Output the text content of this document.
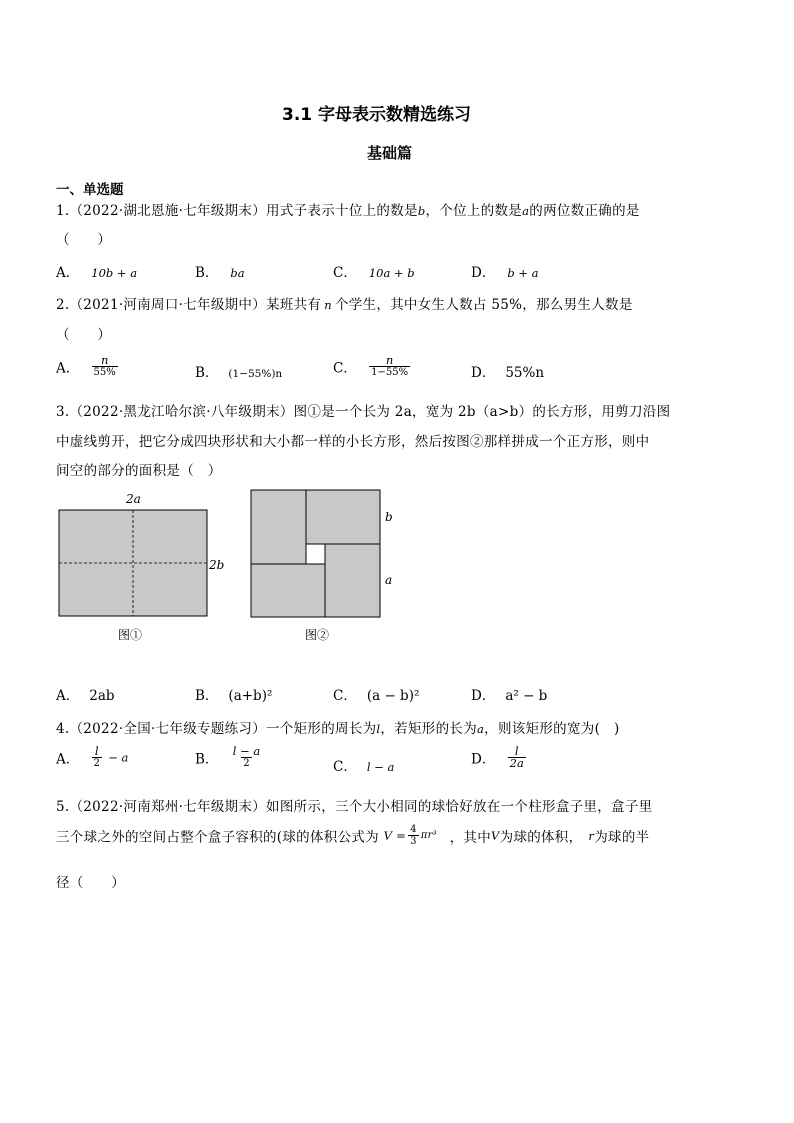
3.1 字母表示数精选练习
基础篇
一、单选题
1.（2022·湖北恩施·七年级期末）用式子表示十位上的数是b，个位上的数是a的两位数正确的是
（　　）
A． 10b + a	B． ba	C． 10a + b	D． b + a
2.（2021·河南周口·七年级期中）某班共有 n 个学生，其中女生人数占 55%，那么男生人数是
（　　）
A． $\frac{n}{55\%}$	B． (1−55%)n	C． $\frac{n}{1-55\%}$	D． 55%n
3.（2022·黑龙江哈尔滨·八年级期末）图①是一个长为 2a，宽为 2b（a>b）的长方形，用剪刀沿图
中虚线剪开，把它分成四块形状和大小都一样的小长方形，然后按图②那样拼成一个正方形，则中
间空的部分的面积是（　）
2a
2b
图①
b
a
图②
A． 2ab	B． (a+b)²	C． (a − b)²	D． a² − b
4.（2022·全国·七年级专题练习）一个矩形的周长为l，若矩形的长为a，则该矩形的宽为(　)
A． $\frac{l}{2} - a$	B． $\frac{l - a}{2}$	C． l − a	D． $\frac{l}{2a}$
5.（2022·河南郑州·七年级期末）如图所示，三个大小相同的球恰好放在一个柱形盒子里，盒子里
三个球之外的空间占整个盒子容积的(球的体积公式为 $V = \frac{4}{3} \pi r^3$ ，其中V为球的体积， r为球的半
径（　　）
